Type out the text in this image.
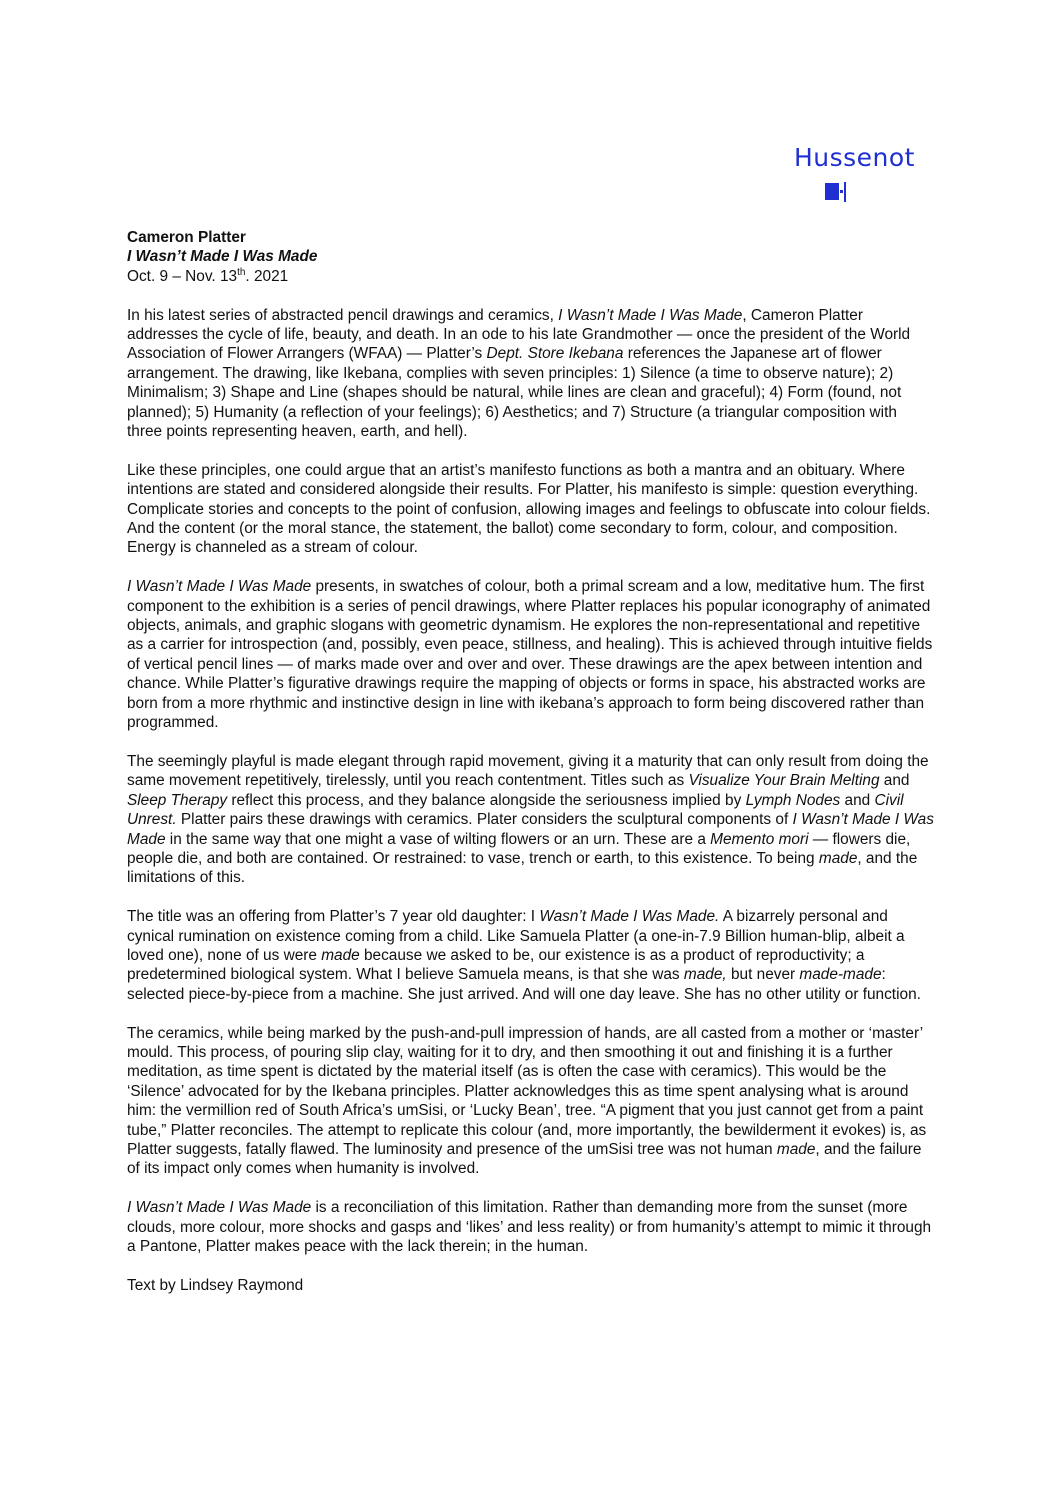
Hussenot

Cameron Platter

I Wasn’t Made I Was Made

Oct. 9 – Nov. 13th. 2021

In his latest series of abstracted pencil drawings and ceramics, I Wasn’t Made I Was Made, Cameron Platter addresses the cycle of life, beauty, and death. In an ode to his late Grandmother — once the president of the World Association of Flower Arrangers (WFAA) — Platter’s Dept. Store Ikebana references the Japanese art of flower arrangement. The drawing, like Ikebana, complies with seven principles: 1) Silence (a time to observe nature); 2) Minimalism; 3) Shape and Line (shapes should be natural, while lines are clean and graceful); 4) Form (found, not planned); 5) Humanity (a reflection of your feelings); 6) Aesthetics; and 7) Structure (a triangular composition with three points representing heaven, earth, and hell).

Like these principles, one could argue that an artist’s manifesto functions as both a mantra and an obituary. Where intentions are stated and considered alongside their results. For Platter, his manifesto is simple: question everything. Complicate stories and concepts to the point of confusion, allowing images and feelings to obfuscate into colour fields. And the content (or the moral stance, the statement, the ballot) come secondary to form, colour, and composition. Energy is channeled as a stream of colour.

I Wasn’t Made I Was Made presents, in swatches of colour, both a primal scream and a low, meditative hum. The first component to the exhibition is a series of pencil drawings, where Platter replaces his popular iconography of animated objects, animals, and graphic slogans with geometric dynamism. He explores the non-representational and repetitive as a carrier for introspection (and, possibly, even peace, stillness, and healing). This is achieved through intuitive fields of vertical pencil lines — of marks made over and over and over. These drawings are the apex between intention and chance. While Platter’s figurative drawings require the mapping of objects or forms in space, his abstracted works are born from a more rhythmic and instinctive design in line with ikebana’s approach to form being discovered rather than programmed.

The seemingly playful is made elegant through rapid movement, giving it a maturity that can only result from doing the same movement repetitively, tirelessly, until you reach contentment. Titles such as Visualize Your Brain Melting and Sleep Therapy reflect this process, and they balance alongside the seriousness implied by Lymph Nodes and Civil Unrest. Platter pairs these drawings with ceramics. Plater considers the sculptural components of I Wasn’t Made I Was Made in the same way that one might a vase of wilting flowers or an urn. These are a Memento mori — flowers die, people die, and both are contained. Or restrained: to vase, trench or earth, to this existence. To being made, and the limitations of this.

The title was an offering from Platter’s 7 year old daughter: I Wasn’t Made I Was Made. A bizarrely personal and cynical rumination on existence coming from a child. Like Samuela Platter (a one-in-7.9 Billion human-blip, albeit a loved one), none of us were made because we asked to be, our existence is as a product of reproductivity; a predetermined biological system. What I believe Samuela means, is that she was made, but never made-made: selected piece-by-piece from a machine. She just arrived. And will one day leave. She has no other utility or function.

The ceramics, while being marked by the push-and-pull impression of hands, are all casted from a mother or ‘master’ mould. This process, of pouring slip clay, waiting for it to dry, and then smoothing it out and finishing it is a further meditation, as time spent is dictated by the material itself (as is often the case with ceramics). This would be the ‘Silence’ advocated for by the Ikebana principles. Platter acknowledges this as time spent analysing what is around him: the vermillion red of South Africa’s umSisi, or ‘Lucky Bean’, tree. “A pigment that you just cannot get from a paint tube,” Platter reconciles. The attempt to replicate this colour (and, more importantly, the bewilderment it evokes) is, as Platter suggests, fatally flawed. The luminosity and presence of the umSisi tree was not human made, and the failure of its impact only comes when humanity is involved.

I Wasn’t Made I Was Made is a reconciliation of this limitation. Rather than demanding more from the sunset (more clouds, more colour, more shocks and gasps and ‘likes’ and less reality) or from humanity’s attempt to mimic it through a Pantone, Platter makes peace with the lack therein; in the human.

Text by Lindsey Raymond
